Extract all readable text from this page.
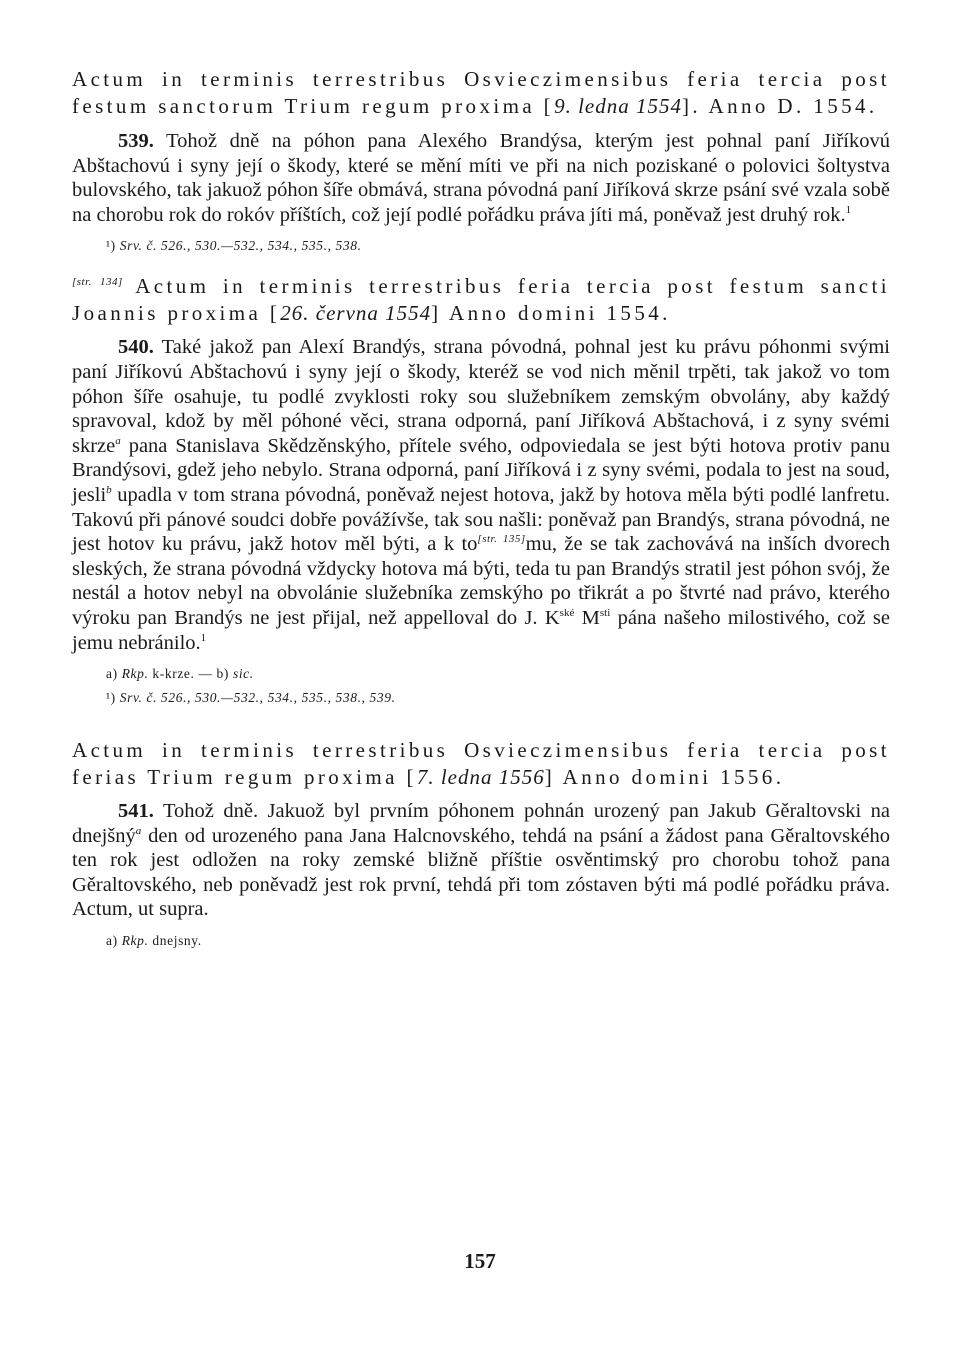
Actum in terminis terrestribus Osvieczimensibus feria tercia post festum sanctorum Trium regum proxima [9. ledna 1554]. Anno D. 1554.

539. Tohož dně na póhon pana Alexého Brandýsa, kterým jest pohnal paní Jiříkovú Abštachovú i syny její o škody, které se mění míti ve při na nich poziskané o polovici šoltystva bulovského, tak jakuož póhon šíře obmává, strana póvodná paní Jiříková skrze psání své vzala sobě na chorobu rok do rokóv příštích, což její podlé pořádku práva jíti má, poněvaž jest druhý rok.$^1$

¹) Srv. č. 526., 530.—532., 534., 535., 538.

[str. 134] Actum in terminis terrestribus feria tercia post festum sancti Joannis proxima [26. června 1554] Anno domini 1554.

540. Také jakož pan Alexí Brandýs, strana póvodná, pohnal jest ku právu póhonmi svými paní Jiříkovú Abštachovú i syny její o škody, kteréž se vod nich měnil trpěti, tak jakož vo tom póhon šíře osahuje, tu podlé zvyklosti roky sou služebníkem zemským obvolány, aby každý spravoval, kdož by měl póhoné věci, strana odporná, paní Jiříková Abštachová, i z syny svémi skrze$^a$ pana Stanislava Skědzěnskýho, přítele svého, odpoviedala se jest býti hotova protiv panu Brandýsovi, gdež jeho nebylo. Strana odporná, paní Jiříková i z syny svémi, podala to jest na soud, jesli$^b$ upadla v tom strana póvodná, poněvaž nejest hotova, jakž by hotova měla býti podlé lanfretu. Takovú při pánové soudci dobře povážívše, tak sou našli: poněvaž pan Brandýs, strana póvodná, ne jest hotov ku právu, jakž hotov měl býti, a k to[str. 135]mu, že se tak zachovává na inších dvorech sleských, že strana póvodná vždycky hotova má býti, teda tu pan Brandýs stratil jest póhon svój, že nestál a hotov nebyl na obvolánie služebníka zemskýho po třikrát a po štvrté nad právo, kterého výroku pan Brandýs ne jest přijal, než appelloval do J. $K^{ské}$ $M^{sti}$ pána našeho milostivého, což se jemu nebránilo.$^1$

a) Rkp. k-krze. — b) sic.

¹) Srv. č. 526., 530.—532., 534., 535., 538., 539.

Actum in terminis terrestribus Osvieczimensibus feria tercia post ferias Trium regum proxima [7. ledna 1556] Anno domini 1556.

541. Tohož dně. Jakuož byl prvním póhonem pohnán urozený pan Jakub Gěraltovski na dnejšný$^a$ den od urozeného pana Jana Halcnovského, tehdá na psání a žádost pana Gěraltovského ten rok jest odložen na roky zemské bližně příštie osvěntimský pro chorobu tohož pana Gěraltovského, neb poněvadž jest rok první, tehdá při tom zóstaven býti má podlé pořádku práva. Actum, ut supra.

a) Rkp. dnejsny.

157
